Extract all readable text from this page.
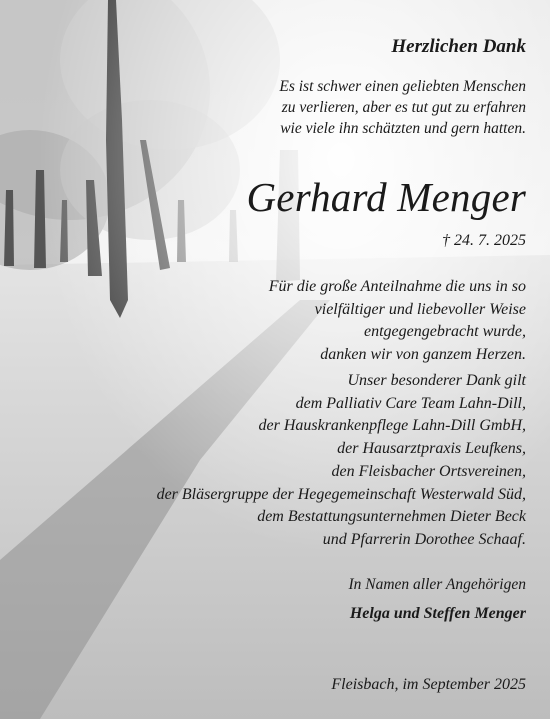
Herzlichen Dank
Es ist schwer einen geliebten Menschen
zu verlieren, aber es tut gut zu erfahren
wie viele ihn schätzten und gern hatten.
Gerhard Menger
† 24. 7. 2025
Für die große Anteilnahme die uns in so
vielfältiger und liebevoller Weise
entgegengebracht wurde,
danken wir von ganzem Herzen.
Unser besonderer Dank gilt
dem Palliativ Care Team Lahn-Dill,
der Hauskrankenpflege Lahn-Dill GmbH,
der Hausarztpraxis Leufkens,
den Fleisbacher Ortsvereinen,
der Bläsergruppe der Hegegemeinschaft Westerwald Süd,
dem Bestattungsunternehmen Dieter Beck
und Pfarrerin Dorothee Schaaf.
In Namen aller Angehörigen
Helga und Steffen Menger
Fleisbach, im September 2025
